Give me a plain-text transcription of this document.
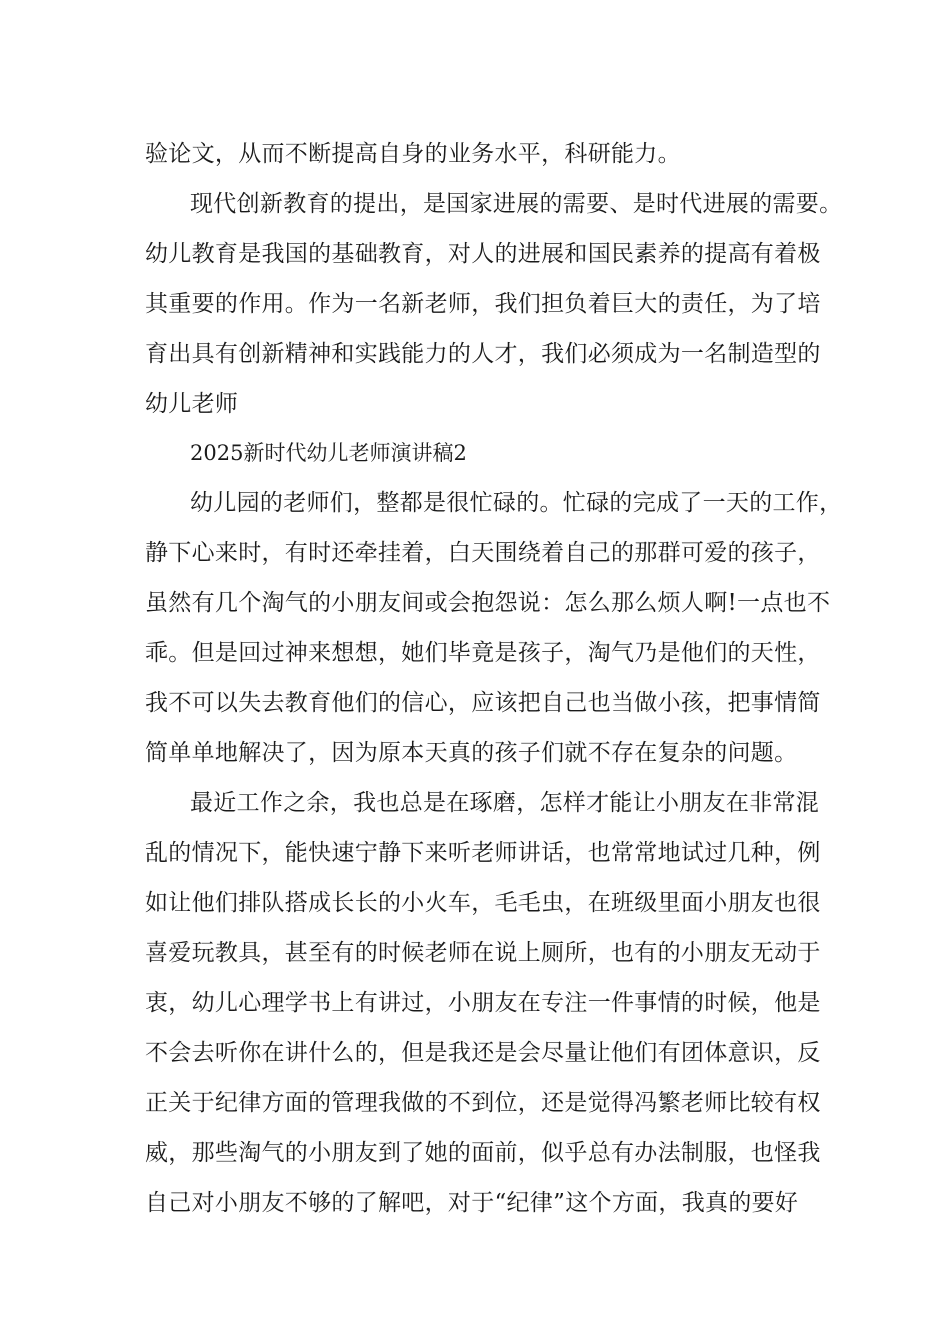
验论文，从而不断提高自身的业务水平，科研能力。
现代创新教育的提出，是国家进展的需要、是时代进展的需要。
幼儿教育是我国的基础教育，对人的进展和国民素养的提高有着极
其重要的作用。作为一名新老师，我们担负着巨大的责任，为了培
育出具有创新精神和实践能力的人才，我们必须成为一名制造型的
幼儿老师
2025新时代幼儿老师演讲稿2
幼儿园的老师们，整都是很忙碌的。忙碌的完成了一天的工作，
静下心来时，有时还牵挂着，白天围绕着自己的那群可爱的孩子，
虽然有几个淘气的小朋友间或会抱怨说：怎么那么烦人啊!一点也不
乖。但是回过神来想想，她们毕竟是孩子，淘气乃是他们的天性，
我不可以失去教育他们的信心，应该把自己也当做小孩，把事情简
简单单地解决了，因为原本天真的孩子们就不存在复杂的问题。
最近工作之余，我也总是在琢磨，怎样才能让小朋友在非常混
乱的情况下，能快速宁静下来听老师讲话，也常常地试过几种，例
如让他们排队搭成长长的小火车，毛毛虫，在班级里面小朋友也很
喜爱玩教具，甚至有的时候老师在说上厕所，也有的小朋友无动于
衷，幼儿心理学书上有讲过，小朋友在专注一件事情的时候，他是
不会去听你在讲什么的，但是我还是会尽量让他们有团体意识，反
正关于纪律方面的管理我做的不到位，还是觉得冯繁老师比较有权
威，那些淘气的小朋友到了她的面前，似乎总有办法制服，也怪我
自己对小朋友不够的了解吧，对于“纪律”这个方面，我真的要好
